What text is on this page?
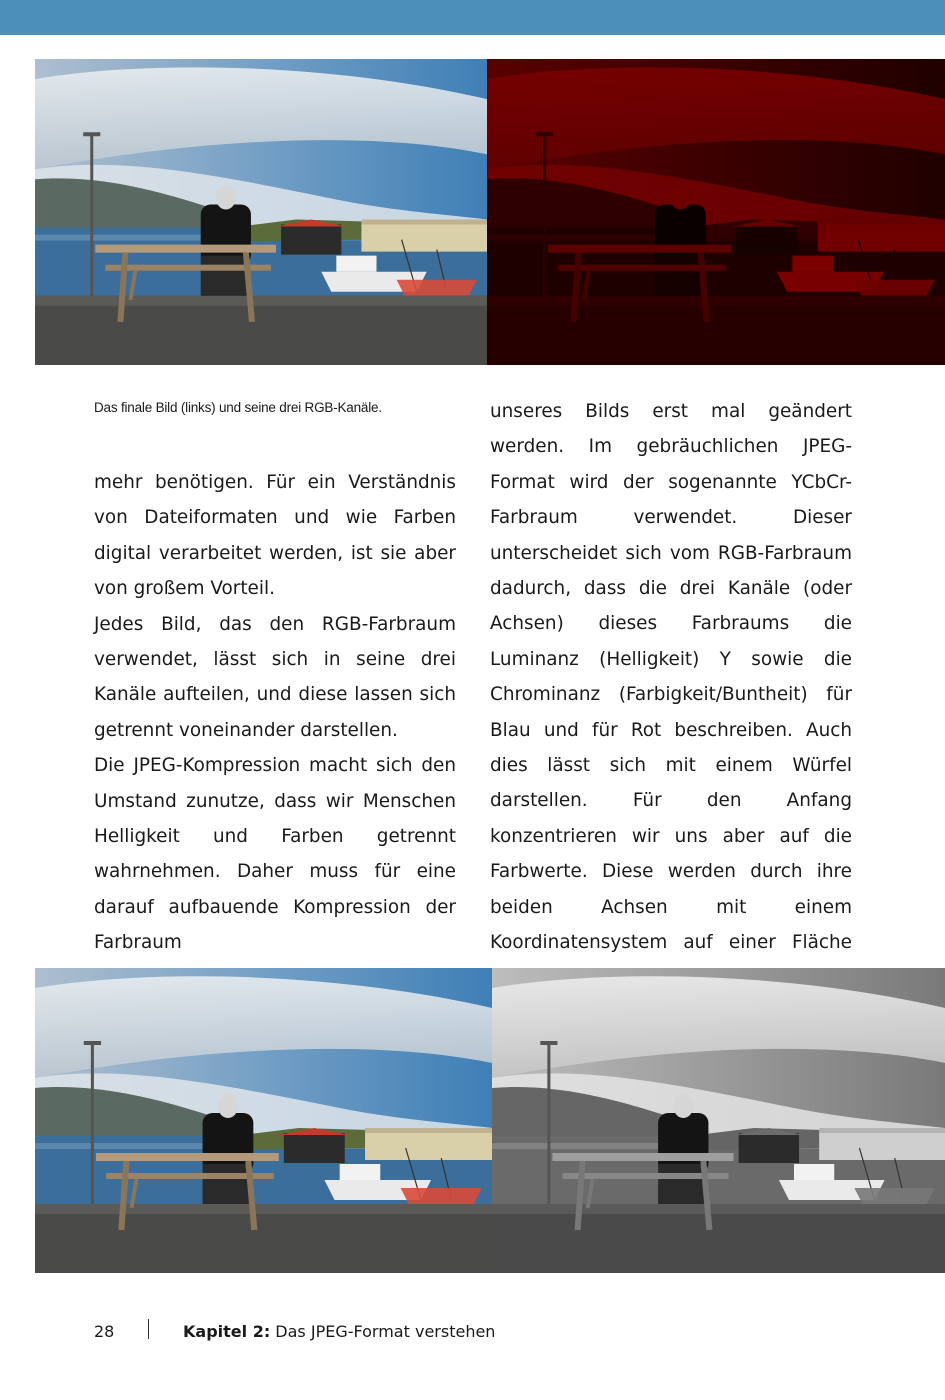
Das finale Bild (links) und seine drei RGB-Kanäle.

mehr benötigen. Für ein Verständnis von Dateiformaten und wie Farben digital verarbeitet werden, ist sie aber von großem Vorteil.

Jedes Bild, das den RGB-Farbraum verwendet, lässt sich in seine drei Kanäle aufteilen, und diese lassen sich getrennt voneinander darstellen.

Die JPEG-Kompression macht sich den Umstand zunutze, dass wir Menschen Helligkeit und Farben getrennt wahrnehmen. Daher muss für eine darauf aufbauende Kompression der Farbraum

unseres Bilds erst mal geändert werden. Im gebräuchlichen JPEG-Format wird der sogenannte YCbCr-Farbraum verwendet. Dieser unterscheidet sich vom RGB-Farbraum dadurch, dass die drei Kanäle (oder Achsen) dieses Farbraums die Luminanz (Helligkeit) Y sowie die Chrominanz (Farbigkeit/Buntheit) für Blau und für Rot beschreiben. Auch dies lässt sich mit einem Würfel darstellen. Für den Anfang konzentrieren wir uns aber auf die Farbwerte. Diese werden durch ihre beiden Achsen mit einem Koordinatensystem auf einer Fläche

28	Kapitel 2: Das JPEG-Format verstehen
